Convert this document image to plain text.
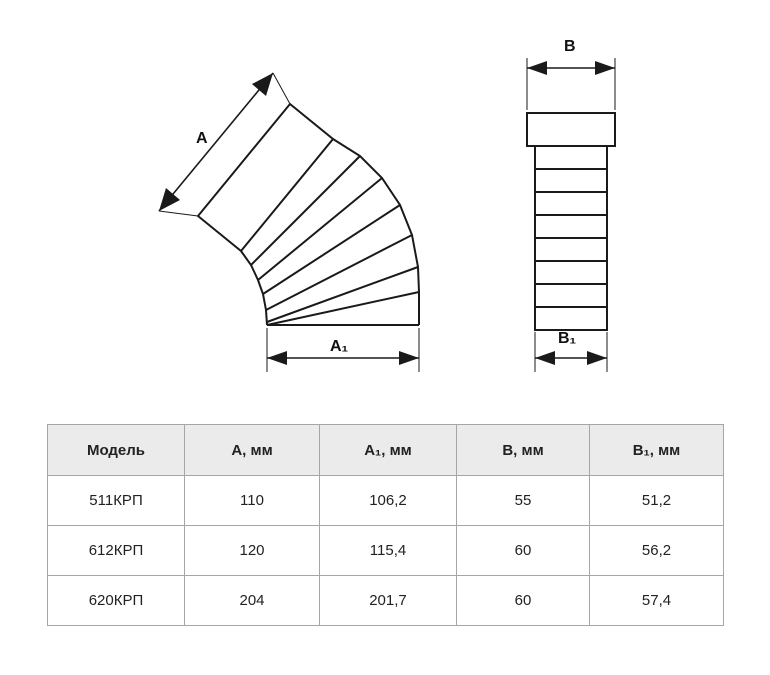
A
A₁
B
B₁
Модель	A, мм	A₁, мм	B, мм	B₁, мм
511КРП	110	106,2	55	51,2
612КРП	120	115,4	60	56,2
620КРП	204	201,7	60	57,4
